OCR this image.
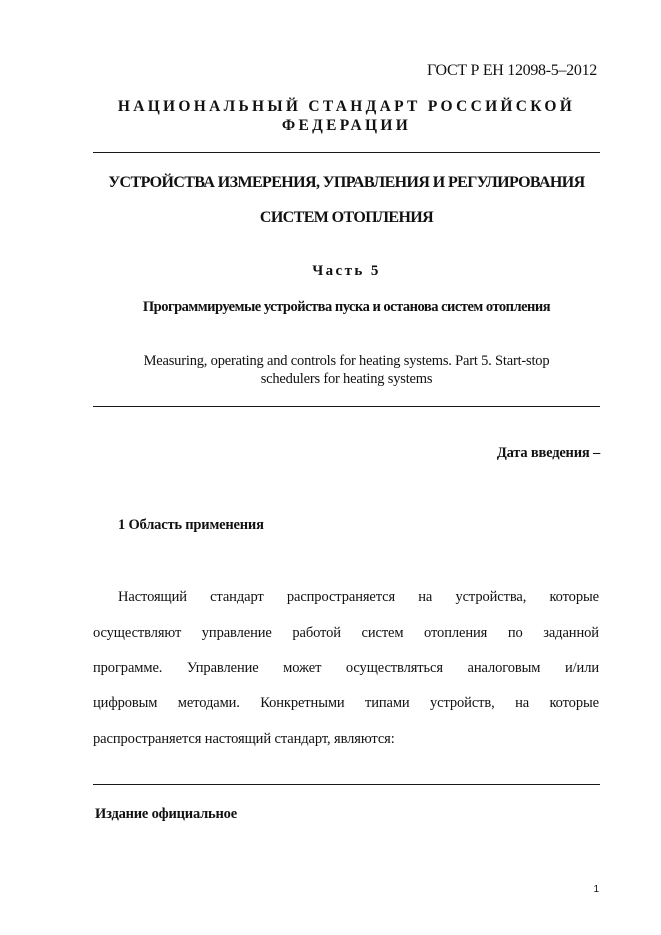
ГОСТ Р ЕН 12098-5–2012
НАЦИОНАЛЬНЫЙ СТАНДАРТ РОССИЙСКОЙ
ФЕДЕРАЦИИ
УСТРОЙСТВА ИЗМЕРЕНИЯ, УПРАВЛЕНИЯ И РЕГУЛИРОВАНИЯ
СИСТЕМ ОТОПЛЕНИЯ
Часть 5
Программируемые устройства пуска и останова систем отопления
Measuring, operating and controls for heating systems. Part 5. Start-stop
schedulers for heating systems
Дата введения –
1 Область применения
Настоящий стандарт распространяется на устройства, которые
осуществляют управление работой систем отопления по заданной
программе. Управление может осуществляться аналоговым и/или
цифровым методами. Конкретными типами устройств, на которые
распространяется настоящий стандарт, являются:
Издание официальное
1
